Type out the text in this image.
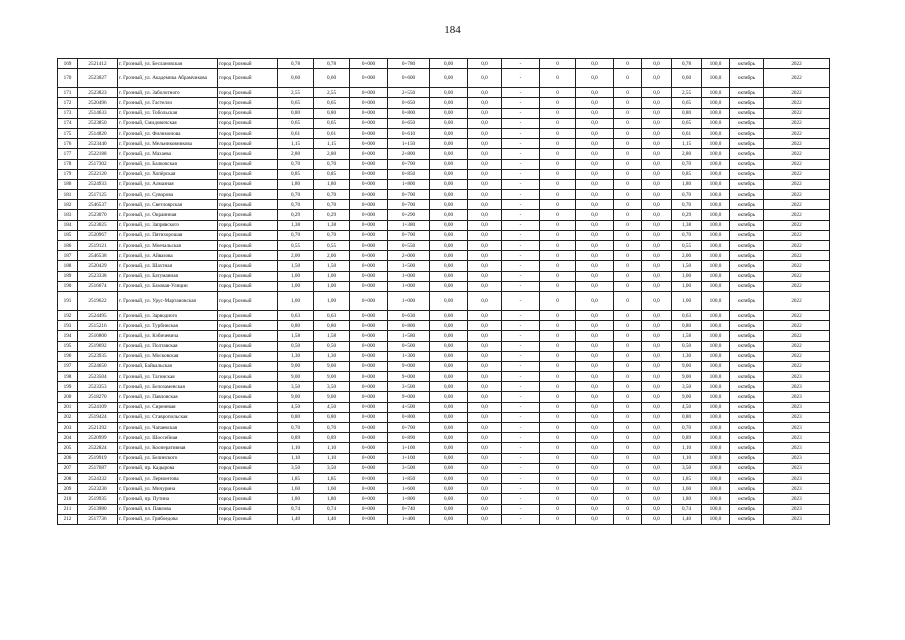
184
169	2521412	г. Грозный, ул. Беслановская	город Грозный	0,78	0,78	0+000	0+780	0,00	0,0	-	0	0,0	0	0,0	0,78	100,0	октябрь	2022
170	2523027	г. Грозный, ул. Академика Абрамчикова	город Грозный	0,60	0,60	0+000	0+600	0,00	0,0	-	0	0,0	0	0,0	0,60	100,0	октябрь	2022
171	2523823	г. Грозный, ул. Заболотного	город Грозный	2,55	2,55	0+000	2+550	0,00	0,0	-	0	0,0	0	0,0	2,55	100,0	октябрь	2022
172	2520496	г. Грозный, ул. Гастелло	город Грозный	0,65	0,65	0+000	0+650	0,00	0,0	-	0	0,0	0	0,0	0,65	100,0	октябрь	2022
173	2514633	г. Грозный, ул. Тобольская	город Грозный	0,80	0,80	0+000	0+800	0,00	0,0	-	0	0,0	0	0,0	0,80	100,0	октябрь	2022
174	2523850	г. Грозный, Смидовичская	город Грозный	0,65	0,65	0+000	0+650	0,00	0,0	-	0	0,0	0	0,0	0,65	100,0	октябрь	2022
175	2514820	г. Грозный, ул. Филимонова	город Грозный	0,61	0,61	0+000	0+610	0,00	0,0	-	0	0,0	0	0,0	0,61	100,0	октябрь	2022
176	2523440	г. Грозный, ул. Мельниковникова	город Грозный	1,15	1,15	0+000	1+150	0,00	0,0	-	0	0,0	0	0,0	1,15	100,0	октябрь	2022
177	2522188	г. Грозный, ул. Махаева	город Грозный	2,80	2,80	0+000	2+800	0,00	0,0	-	0	0,0	0	0,0	2,80	100,0	октябрь	2022
178	2517302	г. Грозный, ул. Балковская	город Грозный	0,70	0,70	0+000	0+700	0,00	0,0	-	0	0,0	0	0,0	0,70	100,0	октябрь	2022
179	2522120	г. Грозный, ул. Хопёрская	город Грозный	0,85	0,85	0+000	0+850	0,00	0,0	-	0	0,0	0	0,0	0,85	100,0	октябрь	2022
180	2524933	г. Грозный, ул. Алмазная	город Грозный	1,80	1,80	0+000	1+800	0,00	0,0	-	0	0,0	0	0,0	1,80	100,0	октябрь	2022
181	2517125	г. Грозный, ул. Суворова	город Грозный	0,70	0,70	0+000	0+700	0,00	0,0	-	0	0,0	0	0,0	0,70	100,0	октябрь	2022
182	2546537	г. Грозный, ул. Светлоярская	город Грозный	0,70	0,70	0+000	0+700	0,00	0,0	-	0	0,0	0	0,0	0,70	100,0	октябрь	2022
183	2523070	г. Грозный, ул. Окраинная	город Грозный	0,29	0,29	0+000	0+290	0,00	0,0	-	0	0,0	0	0,0	0,29	100,0	октябрь	2022
184	2523025	г. Грозный, ул. Запрявского	город Грозный	1,38	1,38	0+000	1+380	0,00	0,0	-	0	0,0	0	0,0	1,38	100,0	октябрь	2022
185	2520967	г. Грозный, ул. Пятихорошая	город Грозный	0,70	0,70	0+000	0+700	0,00	0,0	-	0	0,0	0	0,0	0,70	100,0	октябрь	2022
186	2519121	г. Грозный, ул. Моечальская	город Грозный	0,55	0,55	0+000	0+550	0,00	0,0	-	0	0,0	0	0,0	0,55	100,0	октябрь	2022
187	2546538	г. Грозный, ул. Айвазова	город Грозный	2,00	2,00	0+000	2+000	0,00	0,0	-	0	0,0	0	0,0	2,00	100,0	октябрь	2022
188	2520429	г. Грозный, ул. Шахтная	город Грозный	1,50	1,50	0+000	1+500	0,00	0,0	-	0	0,0	0	0,0	1,50	100,0	октябрь	2022
189	2523338	г. Грозный, ул. Батуманная	город Грозный	1,00	1,00	0+000	1+000	0,00	0,0	-	0	0,0	0	0,0	1,00	100,0	октябрь	2022
190	2516674	г. Грозный, ул. Базовая-Улицин	город Грозный	1,00	1,00	0+000	1+000	0,00	0,0	-	0	0,0	0	0,0	1,00	100,0	октябрь	2022
191	2519622	г. Грозный, ул. Урус-Мартановская	город Грозный	1,00	1,00	0+000	1+000	0,00	0,0	-	0	0,0	0	0,0	1,00	100,0	октябрь	2022
192	2524495	г. Грозный, ул. Зарводного	город Грозный	0,63	0,63	0+000	0+630	0,00	0,0	-	0	0,0	0	0,0	0,63	100,0	октябрь	2022
193	2515216	г. Грозный, ул. Турбинская	город Грозный	0,80	0,80	0+000	0+800	0,00	0,0	-	0	0,0	0	0,0	0,80	100,0	октябрь	2022
194	2516800	г. Грозный, ул. Кэбичевича	город Грозный	1,58	1,58	0+000	1+580	0,00	0,0	-	0	0,0	0	0,0	1,58	100,0	октябрь	2022
195	2519692	г. Грозный, ул. Полтавская	город Грозный	0,50	0,50	0+000	0+500	0,00	0,0	-	0	0,0	0	0,0	0,50	100,0	октябрь	2022
196	2523935	г. Грозный, ул. Московская	город Грозный	1,30	1,30	0+000	1+300	0,00	0,0	-	0	0,0	0	0,0	1,30	100,0	октябрь	2022
197	2524650	г. Грозный, Байкальская	город Грозный	9,00	9,00	0+000	9+000	0,00	0,0	-	0	0,0	0	0,0	9,00	100,0	октябрь	2022
198	2523504	г. Грозный, ул. Тагинская	город Грозный	9,00	9,00	0+000	9+000	0,00	0,0	-	0	0,0	0	0,0	9,00	100,0	октябрь	2023
199	2523353	г. Грозный, ул. Белозаменская	город Грозный	3,50	3,50	0+000	3+500	0,00	0,0	-	0	0,0	0	0,0	3,50	100,0	октябрь	2023
200	2518270	г. Грозный, ул. Павловская	город Грозный	9,00	9,00	0+000	9+000	0,00	0,0	-	0	0,0	0	0,0	9,00	100,0	октябрь	2023
201	2524109	г. Грозный, ул. Сиреневая	город Грозный	4,50	4,50	0+000	4+500	0,00	0,0	-	0	0,0	0	0,0	4,50	100,0	октябрь	2023
202	2519424	г. Грозный, ул. Ставропольская	город Грозный	0,80	0,80	0+000	0+800	0,00	0,0	-	0	0,0	0	0,0	0,80	100,0	октябрь	2023
203	2521392	г. Грозный, ул. Чапаевская	город Грозный	0,70	0,70	0+000	0+700	0,00	0,0	-	0	0,0	0	0,0	0,70	100,0	октябрь	2023
204	2520999	г. Грозный, ул. Шоссейная	город Грозный	0,89	0,89	0+000	0+890	0,00	0,0	-	0	0,0	0	0,0	0,89	100,0	октябрь	2023
205	2522824	г. Грозный, ул. Кооперативная	город Грозный	1,10	1,10	0+000	1+100	0,00	0,0	-	0	0,0	0	0,0	1,10	100,0	октябрь	2023
206	2519919	г. Грозный, ул. Белинского	город Грозный	1,10	1,10	0+000	1+100	0,00	0,0	-	0	0,0	0	0,0	1,10	100,0	октябрь	2023
207	2517687	г. Грозный, пр. Кадырова	город Грозный	3,50	3,50	0+000	3+500	0,00	0,0	-	0	0,0	0	0,0	3,50	100,0	октябрь	2023
208	2524332	г. Грозный, ул. Лермонтова	город Грозный	1,85	1,85	0+000	1+850	0,00	0,0	-	0	0,0	0	0,0	1,85	100,0	октябрь	2023
209	2523230	г. Грозный, ул. Мичурина	город Грозный	1,60	1,60	0+000	1+600	0,00	0,0	-	0	0,0	0	0,0	1,60	100,0	октябрь	2023
210	2519935	г. Грозный, пр. Путина	город Грозный	1,80	1,80	0+000	1+800	0,00	0,0	-	0	0,0	0	0,0	1,80	100,0	октябрь	2023
211	2513980	г. Грозный, пл. Павлова	город Грозный	0,74	0,74	0+000	0+740	0,00	0,0	-	0	0,0	0	0,0	0,74	100,0	октябрь	2023
212	2517736	г. Грозный, ул. Грибоедова	город Грозный	1,40	1,40	0+000	1+400	0,00	0,0	-	0	0,0	0	0,0	1,40	100,0	октябрь	2023
